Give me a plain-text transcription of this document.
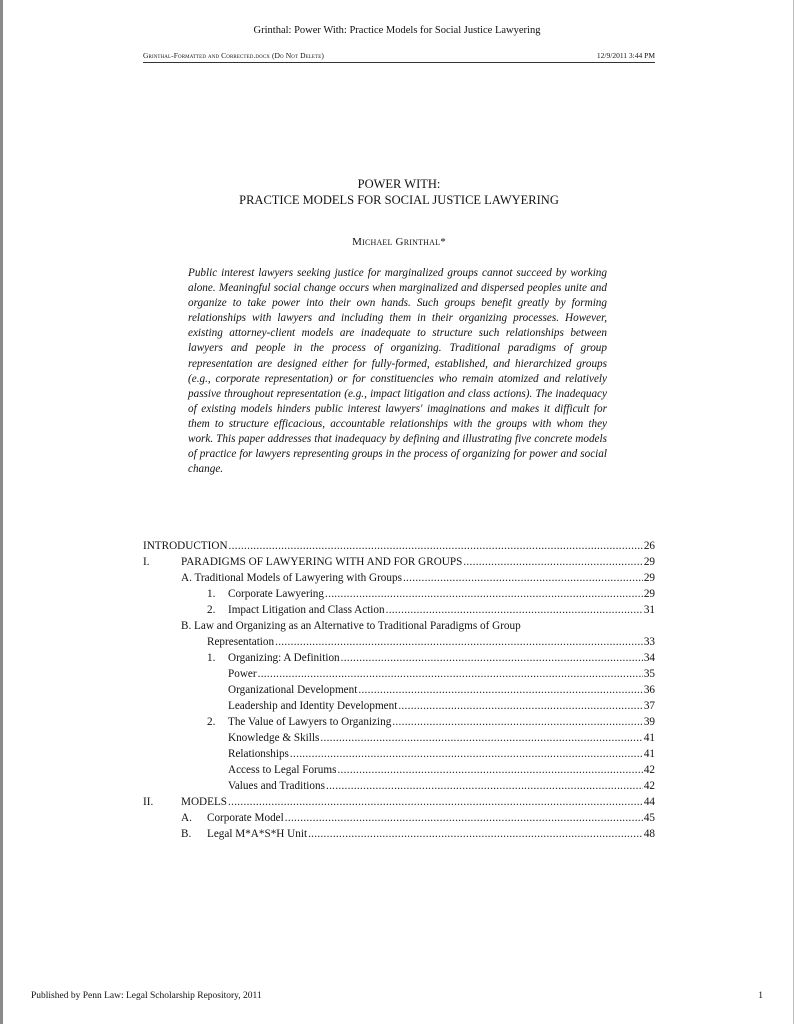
Grinthal: Power With: Practice Models for Social Justice Lawyering
Grinthal-Formatted and Corrected.docx (Do Not Delete)	12/9/2011 3:44 PM
POWER WITH:
PRACTICE MODELS FOR SOCIAL JUSTICE LAWYERING
Michael Grinthal*
Public interest lawyers seeking justice for marginalized groups cannot succeed by working alone. Meaningful social change occurs when marginalized and dispersed peoples unite and organize to take power into their own hands. Such groups benefit greatly by forming relationships with lawyers and including them in their organizing processes. However, existing attorney-client models are inadequate to structure such relationships between lawyers and people in the process of organizing. Traditional paradigms of group representation are designed either for fully-formed, established, and hierarchized groups (e.g., corporate representation) or for constituencies who remain atomized and relatively passive throughout representation (e.g., impact litigation and class actions). The inadequacy of existing models hinders public interest lawyers' imaginations and makes it difficult for them to structure efficacious, accountable relationships with the groups with whom they work. This paper addresses that inadequacy by defining and illustrating five concrete models of practice for lawyers representing groups in the process of organizing for power and social change.
INTRODUCTION .....	26
I.	PARADIGMS OF LAWYERING WITH AND FOR GROUPS .....	29
A. Traditional Models of Lawyering with Groups .....	29
1. Corporate Lawyering .....	29
2. Impact Litigation and Class Action .....	31
B. Law and Organizing as an Alternative to Traditional Paradigms of Group
Representation .....	33
1. Organizing: A Definition .....	34
Power .....	35
Organizational Development .....	36
Leadership and Identity Development .....	37
2. The Value of Lawyers to Organizing .....	39
Knowledge & Skills .....	41
Relationships .....	41
Access to Legal Forums .....	42
Values and Traditions .....	42
II. MODELS .....	44
A. Corporate Model .....	45
B. Legal M*A*S*H Unit .....	48
Published by Penn Law: Legal Scholarship Repository, 2011	1
